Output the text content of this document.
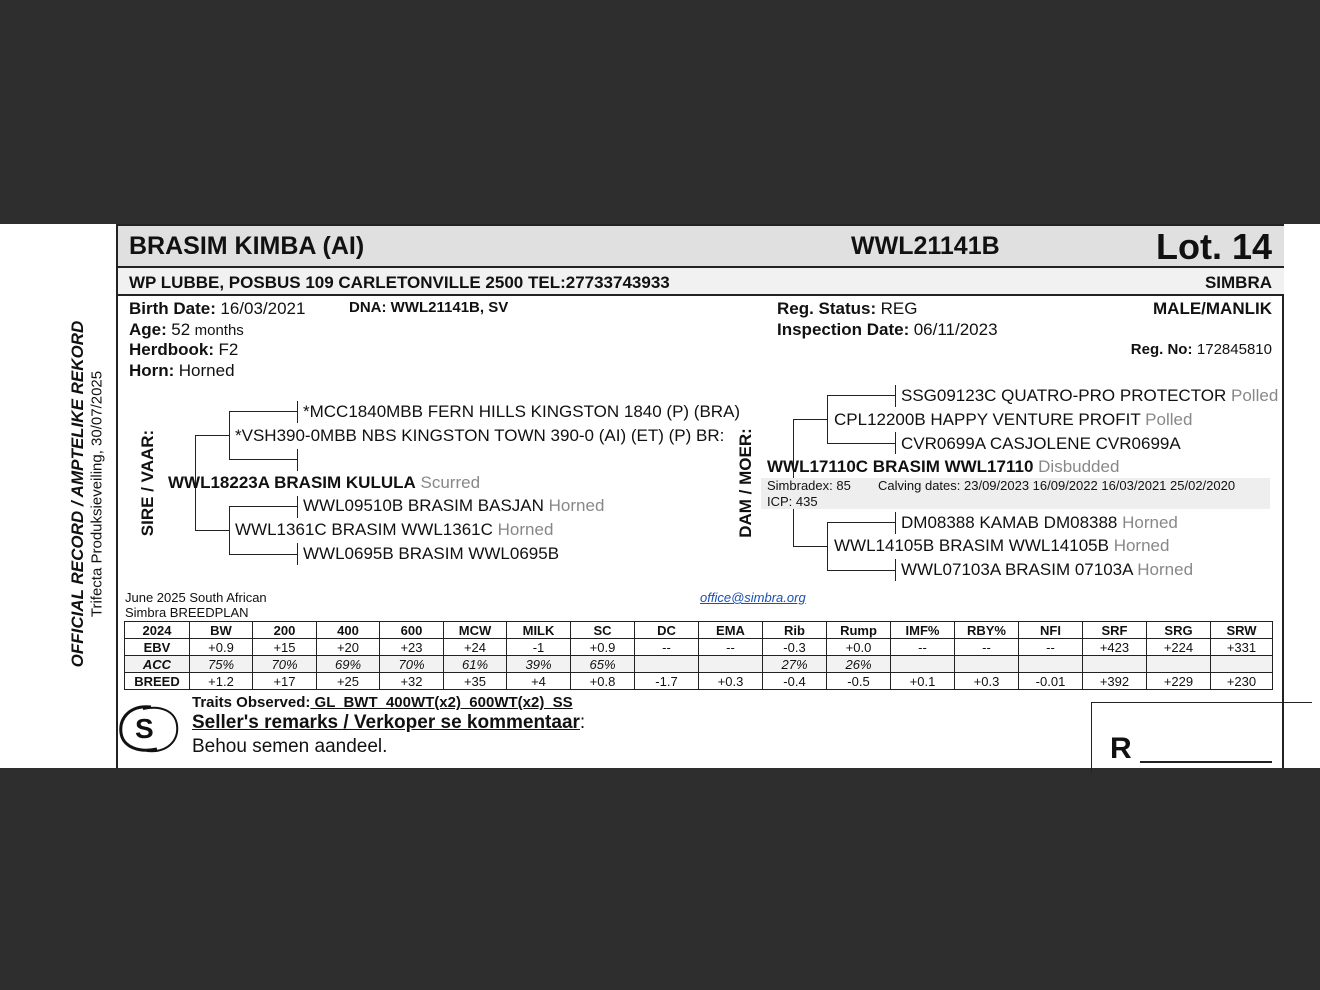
OFFICIAL RECORD / AMPTELIKE REKORD Trifecta Produksieveiling, 30/07/2025
BRASIM KIMBA (AI)	WWL21141B	Lot. 14
WP LUBBE, POSBUS 109 CARLETONVILLE 2500 TEL:27733743933	SIMBRA
Birth Date: 16/03/2021	DNA: WWL21141B, SV
Age: 52 months
Herdbook: F2
Horn: Horned
Reg. Status: REG
Inspection Date: 06/11/2023
MALE/MANLIK
Reg. No: 172845810
SIRE / VAAR:
*MCC1840MBB FERN HILLS KINGSTON 1840 (P) (BRA)
*VSH390-0MBB NBS KINGSTON TOWN 390-0 (AI) (ET) (P) BR:
WWL18223A BRASIM KULULA Scurred
WWL09510B BRASIM BASJAN Horned
WWL1361C BRASIM WWL1361C Horned
WWL0695B BRASIM WWL0695B
DAM / MOER:
SSG09123C QUATRO-PRO PROTECTOR Polled
CPL12200B HAPPY VENTURE PROFIT Polled
CVR0699A CASJOLENE CVR0699A
WWL17110C BRASIM WWL17110 Disbudded
Simbradex: 85 Calving dates: 23/09/2023 16/09/2022 16/03/2021 25/02/2020
ICP: 435
DM08388 KAMAB DM08388 Horned
WWL14105B BRASIM WWL14105B Horned
WWL07103A BRASIM 07103A Horned
June 2025 South African
Simbra BREEDPLAN
office@simbra.org
2024	BW	200	400	600	MCW	MILK	SC	DC	EMA	Rib	Rump	IMF%	RBY%	NFI	SRF	SRG	SRW
EBV	+0.9	+15	+20	+23	+24	-1	+0.9	--	--	-0.3	+0.0	--	--	--	+423	+224	+331
ACC	75%	70%	69%	70%	61%	39%	65%			27%	26%						
BREED	+1.2	+17	+25	+32	+35	+4	+0.8	-1.7	+0.3	-0.4	-0.5	+0.1	+0.3	-0.01	+392	+229	+230
S
Traits Observed: GL  BWT  400WT(x2)  600WT(x2)  SS
Seller's remarks / Verkoper se kommentaar:
Behou semen aandeel.	R
